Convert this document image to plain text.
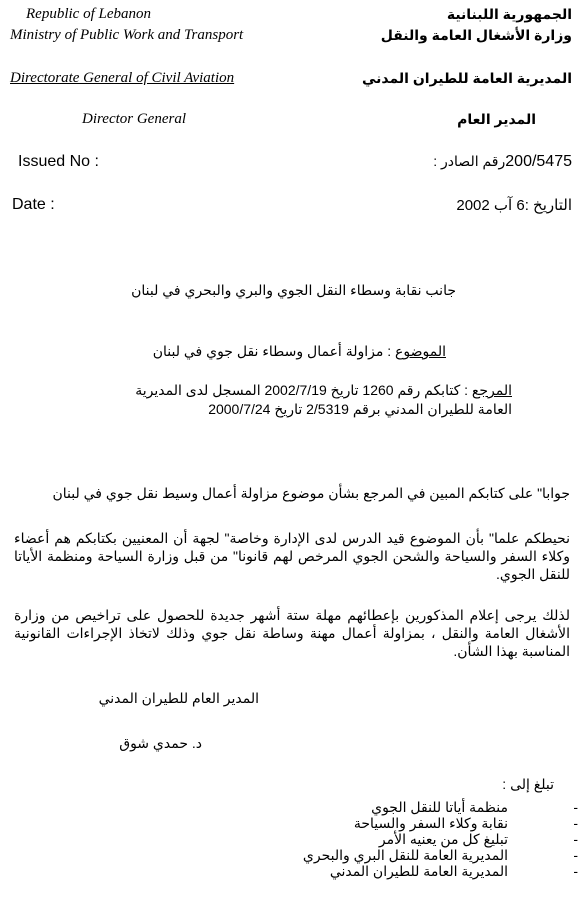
Republic of Lebanon
Ministry of Public Work and Transport
Directorate General of Civil Aviation
Director General
الجمهورية اللبنانية
وزارة الأشغال العامة والنقل
المديرية العامة للطيران المدني
المدير العام
Issued No :	رقم الصادر :200/5475
Date :	التاريخ :6 آب 2002
جانب نقابة وسطاء النقل الجوي والبري والبحري في لبنان
الموضوع : مزاولة أعمال وسطاء نقل جوي في لبنان
المرجع : كتابكم رقم 1260 تاريخ 2002/7/19 المسجل لدى المديرية
العامة للطيران المدني برقم 2/5319 تاريخ 2000/7/24
جوابا" على كتابكم المبين في المرجع بشأن موضوع مزاولة أعمال وسيط نقل جوي في لبنان
نحيطكم علما" بأن الموضوع قيد الدرس لدى الإدارة وخاصة" لجهة أن المعنيين بكتابكم هم أعضاء وكلاء السفر والسياحة والشحن الجوي المرخص لهم قانونا" من قبل وزارة السياحة ومنظمة الأياتا للنقل الجوي.
لذلك يرجى إعلام المذكورين بإعطائهم مهلة ستة أشهر جديدة للحصول على تراخيص من وزارة الأشغال العامة والنقل ، بمزاولة أعمال مهنة وساطة نقل جوي وذلك لاتخاذ الإجراءات القانونية المناسبة بهذا الشأن.
المدير العام للطيران المدني
د. حمدي شوق
تبلغ إلى :
-
منظمة أياتا للنقل الجوي
-
نقابة وكلاء السفر والسياحة
-
تبليغ كل من يعنيه الأمر
-
المديرية العامة للنقل البري والبحري
-
المديرية العامة للطيران المدني
